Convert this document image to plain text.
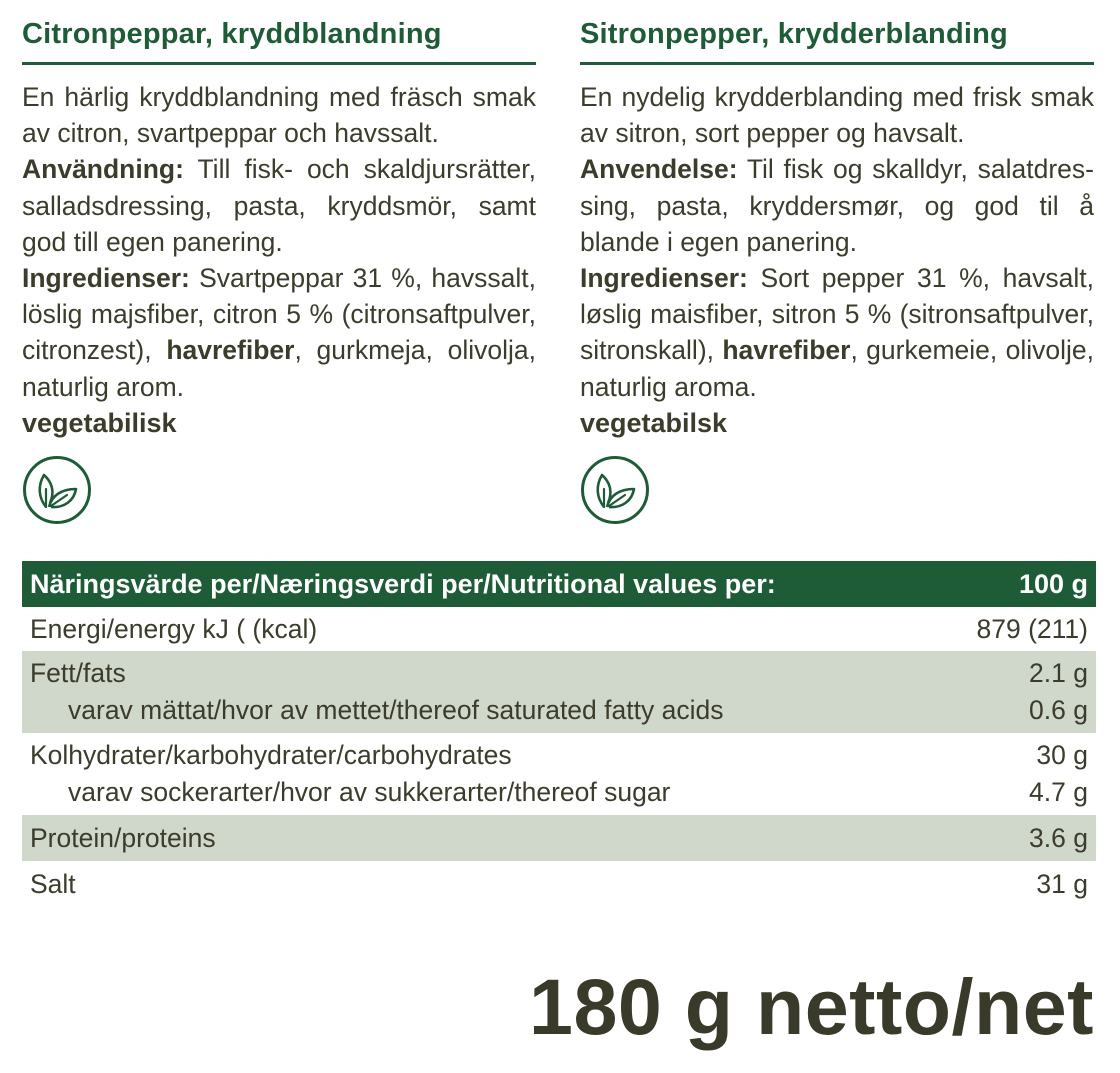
Citronpeppar, kryddblandning
En härlig kryddblandning med fräsch smak av citron, svartpeppar och havssalt.
Användning: Till fisk- och skaldjursrätter, salladsdressing, pasta, kryddsmör, samt god till egen panering.
Ingredienser: Svartpeppar 31 %, havssalt, löslig majsfiber, citron 5 % (citronsaftpulver, citronzest), havrefiber, gurkmeja, olivolja, naturlig arom.
vegetabilisk
Sitronpepper, krydderblanding
En nydelig krydderblanding med frisk smak av sitron, sort pepper og havsalt.
Anvendelse: Til fisk og skalldyr, salatdressing, pasta, kryddersmør, og god til å blande i egen panering.
Ingredienser: Sort pepper 31 %, havsalt, løslig maisfiber, sitron 5 % (sitronsaftpulver, sitronskall), havrefiber, gurkemeie, olivolje, naturlig aroma.
vegetabilsk
Näringsvärde per/Næringsverdi per/Nutritional values per:	100 g
Energi/energy kJ ( (kcal)	879 (211)
Fett/fats	2.1 g
varav mättat/hvor av mettet/thereof saturated fatty acids	0.6 g
Kolhydrater/karbohydrater/carbohydrates	30 g
varav sockerarter/hvor av sukkerarter/thereof sugar	4.7 g
Protein/proteins	3.6 g
Salt	31 g
180 g netto/net
